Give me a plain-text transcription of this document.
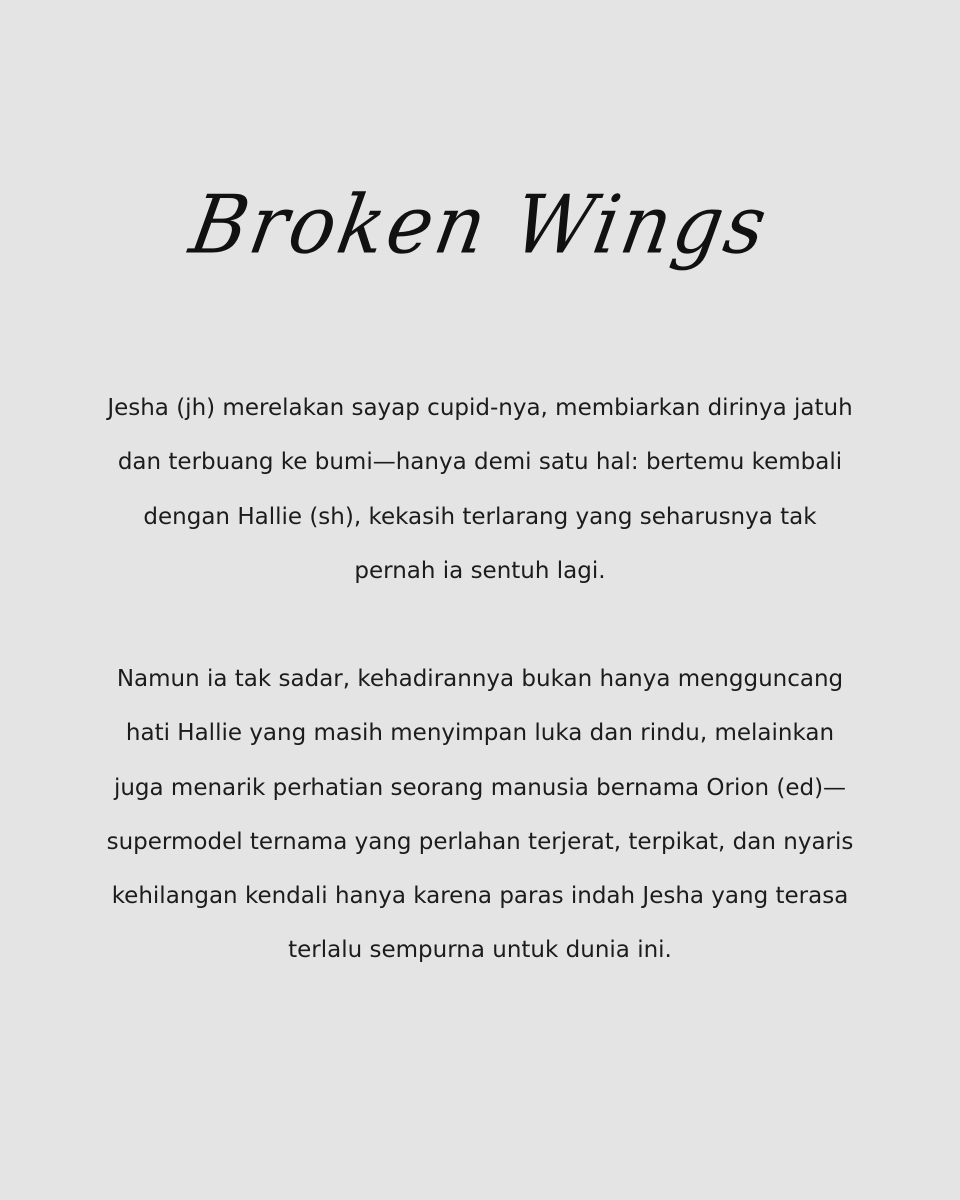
Broken Wings
Jesha (jh) merelakan sayap cupid-nya, membiarkan dirinya jatuh
dan terbuang ke bumi—hanya demi satu hal: bertemu kembali
dengan Hallie (sh), kekasih terlarang yang seharusnya tak
pernah ia sentuh lagi.
Namun ia tak sadar, kehadirannya bukan hanya mengguncang
hati Hallie yang masih menyimpan luka dan rindu, melainkan
juga menarik perhatian seorang manusia bernama Orion (ed)—
supermodel ternama yang perlahan terjerat, terpikat, dan nyaris
kehilangan kendali hanya karena paras indah Jesha yang terasa
terlalu sempurna untuk dunia ini.
